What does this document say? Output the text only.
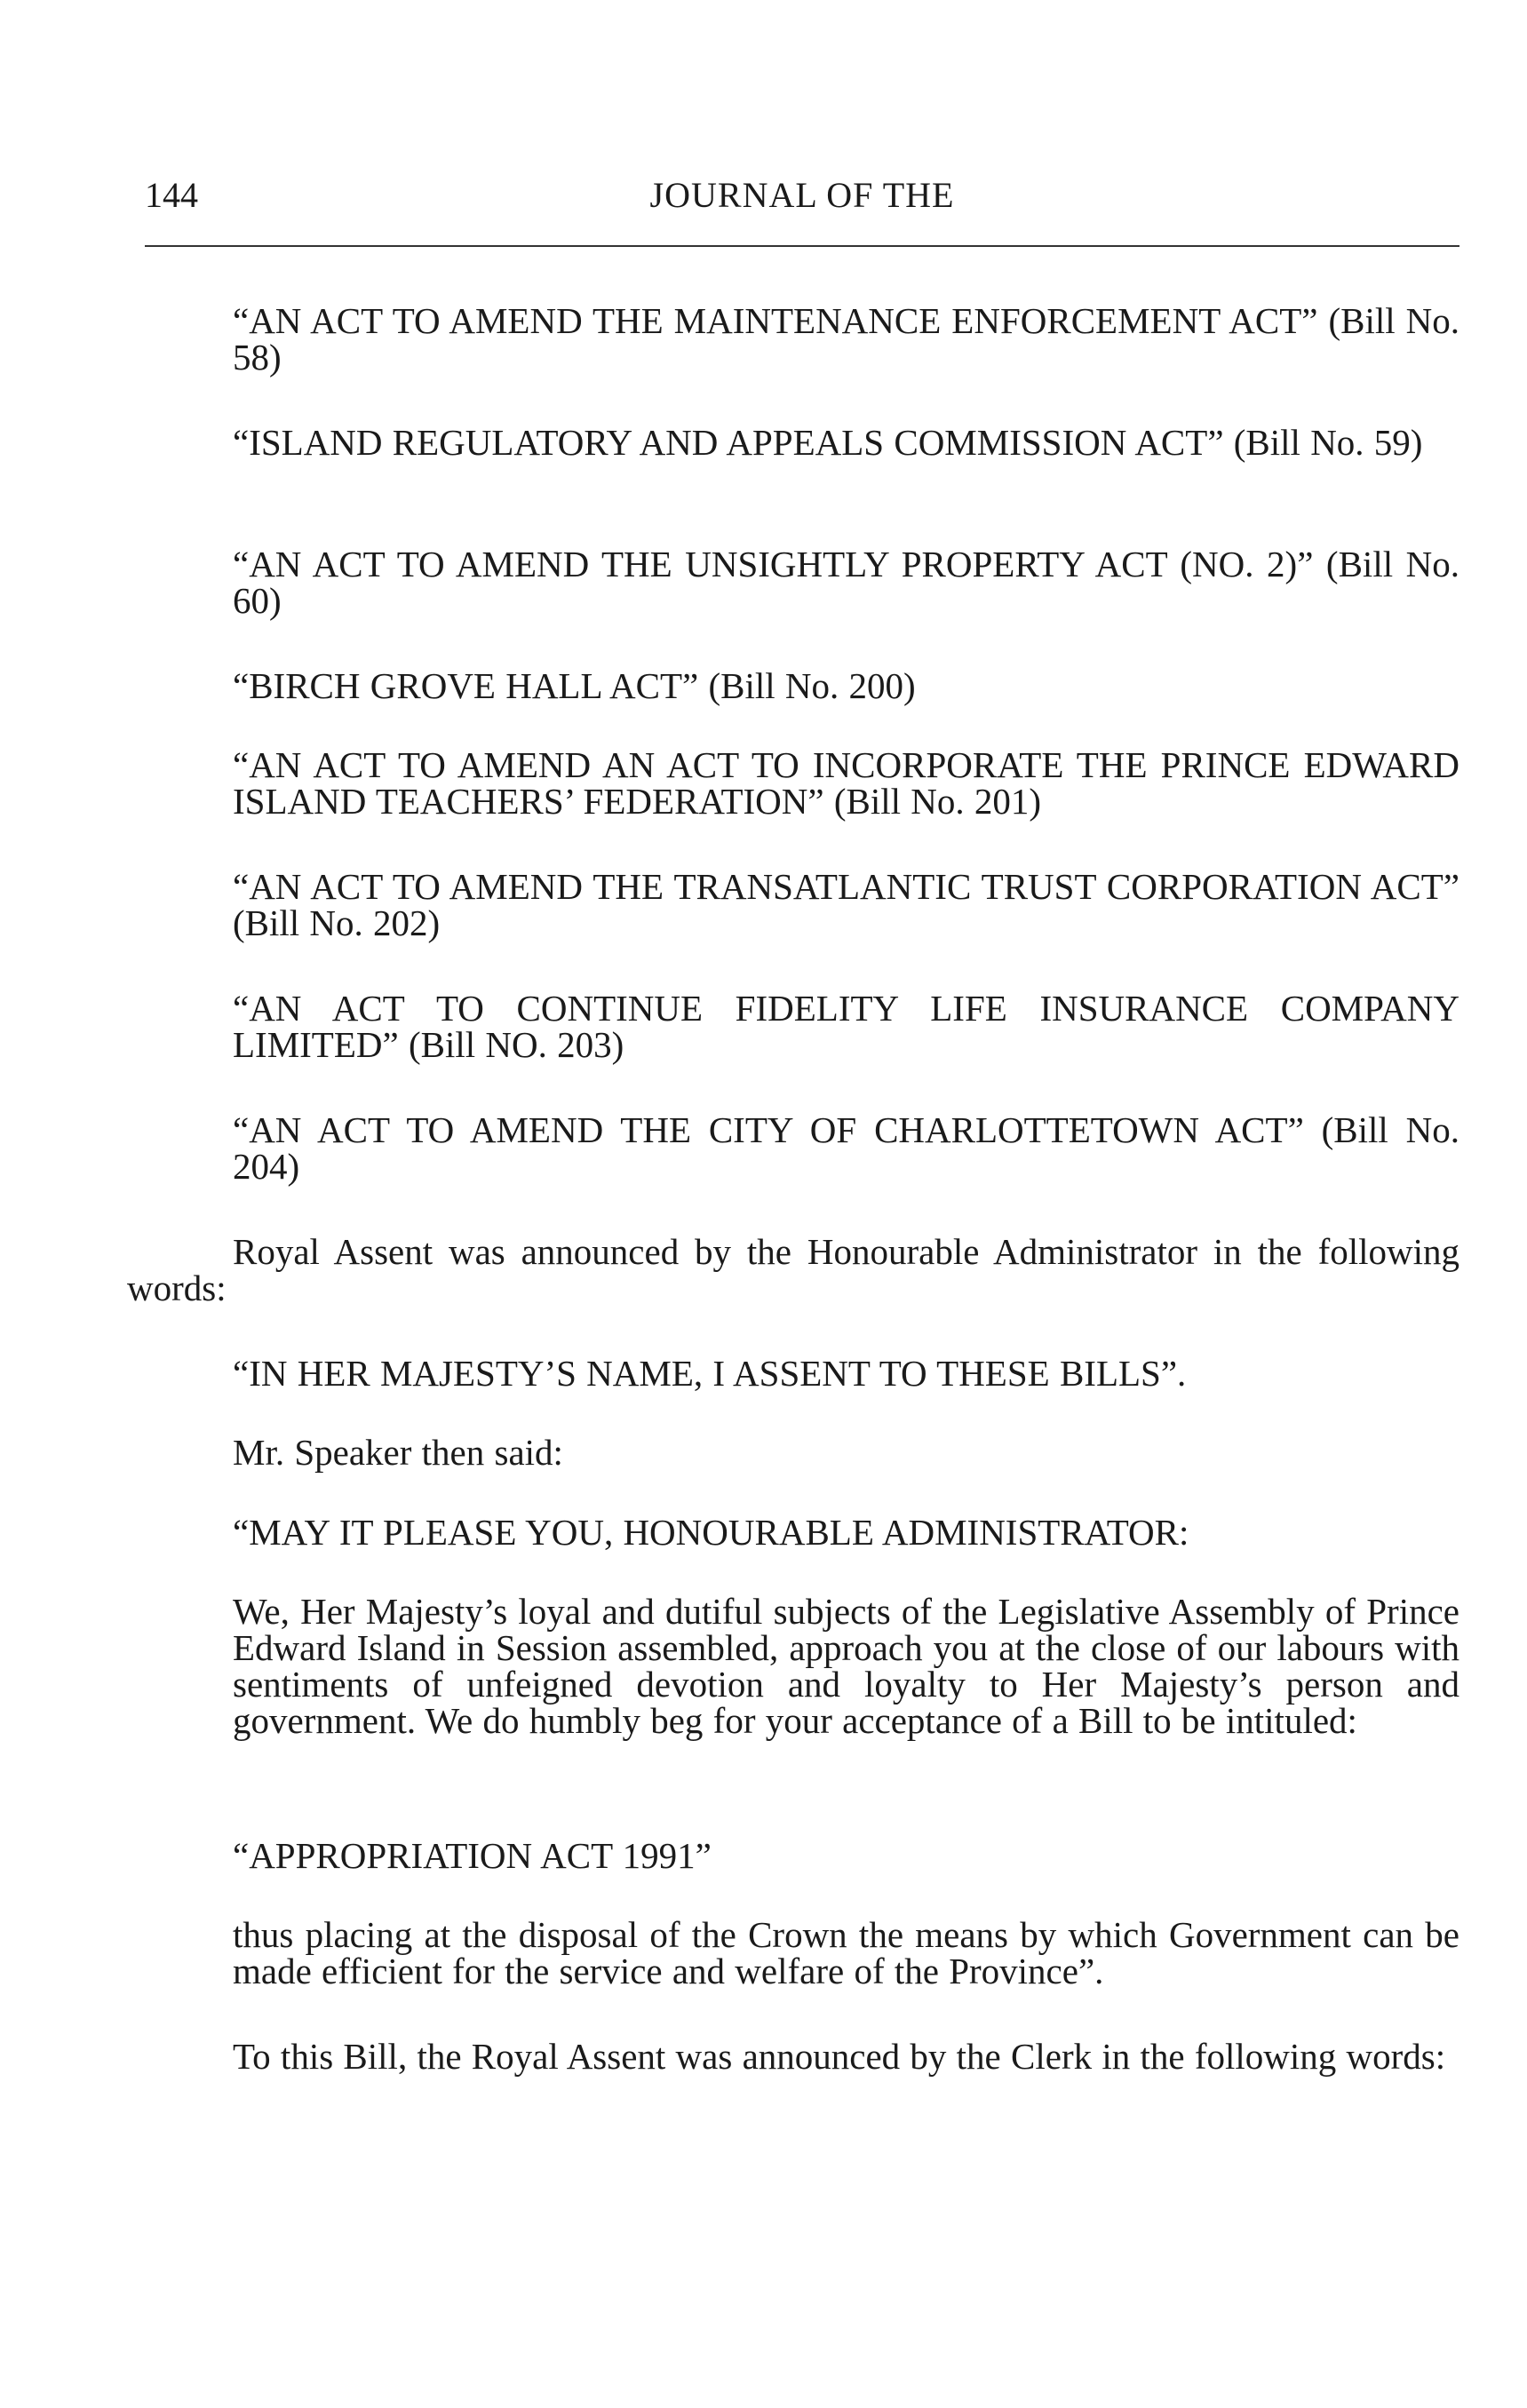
144	JOURNAL OF THE

“AN ACT TO AMEND THE MAINTENANCE ENFORCEMENT ACT” (Bill No. 58)

“ISLAND REGULATORY AND APPEALS COMMISSION ACT” (Bill No. 59)

“AN ACT TO AMEND THE UNSIGHTLY PROPERTY ACT (NO. 2)” (Bill No. 60)

“BIRCH GROVE HALL ACT” (Bill No. 200)

“AN ACT TO AMEND AN ACT TO INCORPORATE THE PRINCE EDWARD ISLAND TEACHERS’ FEDERATION” (Bill No. 201)

“AN ACT TO AMEND THE TRANSATLANTIC TRUST CORPORATION ACT” (Bill No. 202)

“AN ACT TO CONTINUE FIDELITY LIFE INSURANCE COMPANY LIMITED” (Bill NO. 203)

“AN ACT TO AMEND THE CITY OF CHARLOTTETOWN ACT” (Bill No. 204)

Royal Assent was announced by the Honourable Administrator in the following words:

“IN HER MAJESTY’S NAME, I ASSENT TO THESE BILLS”.

Mr. Speaker then said:

“MAY IT PLEASE YOU, HONOURABLE ADMINISTRATOR:

We, Her Majesty’s loyal and dutiful subjects of the Legislative Assembly of Prince Edward Island in Session assembled, approach you at the close of our labours with sentiments of unfeigned devotion and loyalty to Her Majesty’s person and government. We do humbly beg for your acceptance of a Bill to be intituled:

“APPROPRIATION ACT 1991”

thus placing at the disposal of the Crown the means by which Government can be made efficient for the service and welfare of the Province”.

To this Bill, the Royal Assent was announced by the Clerk in the following words:
